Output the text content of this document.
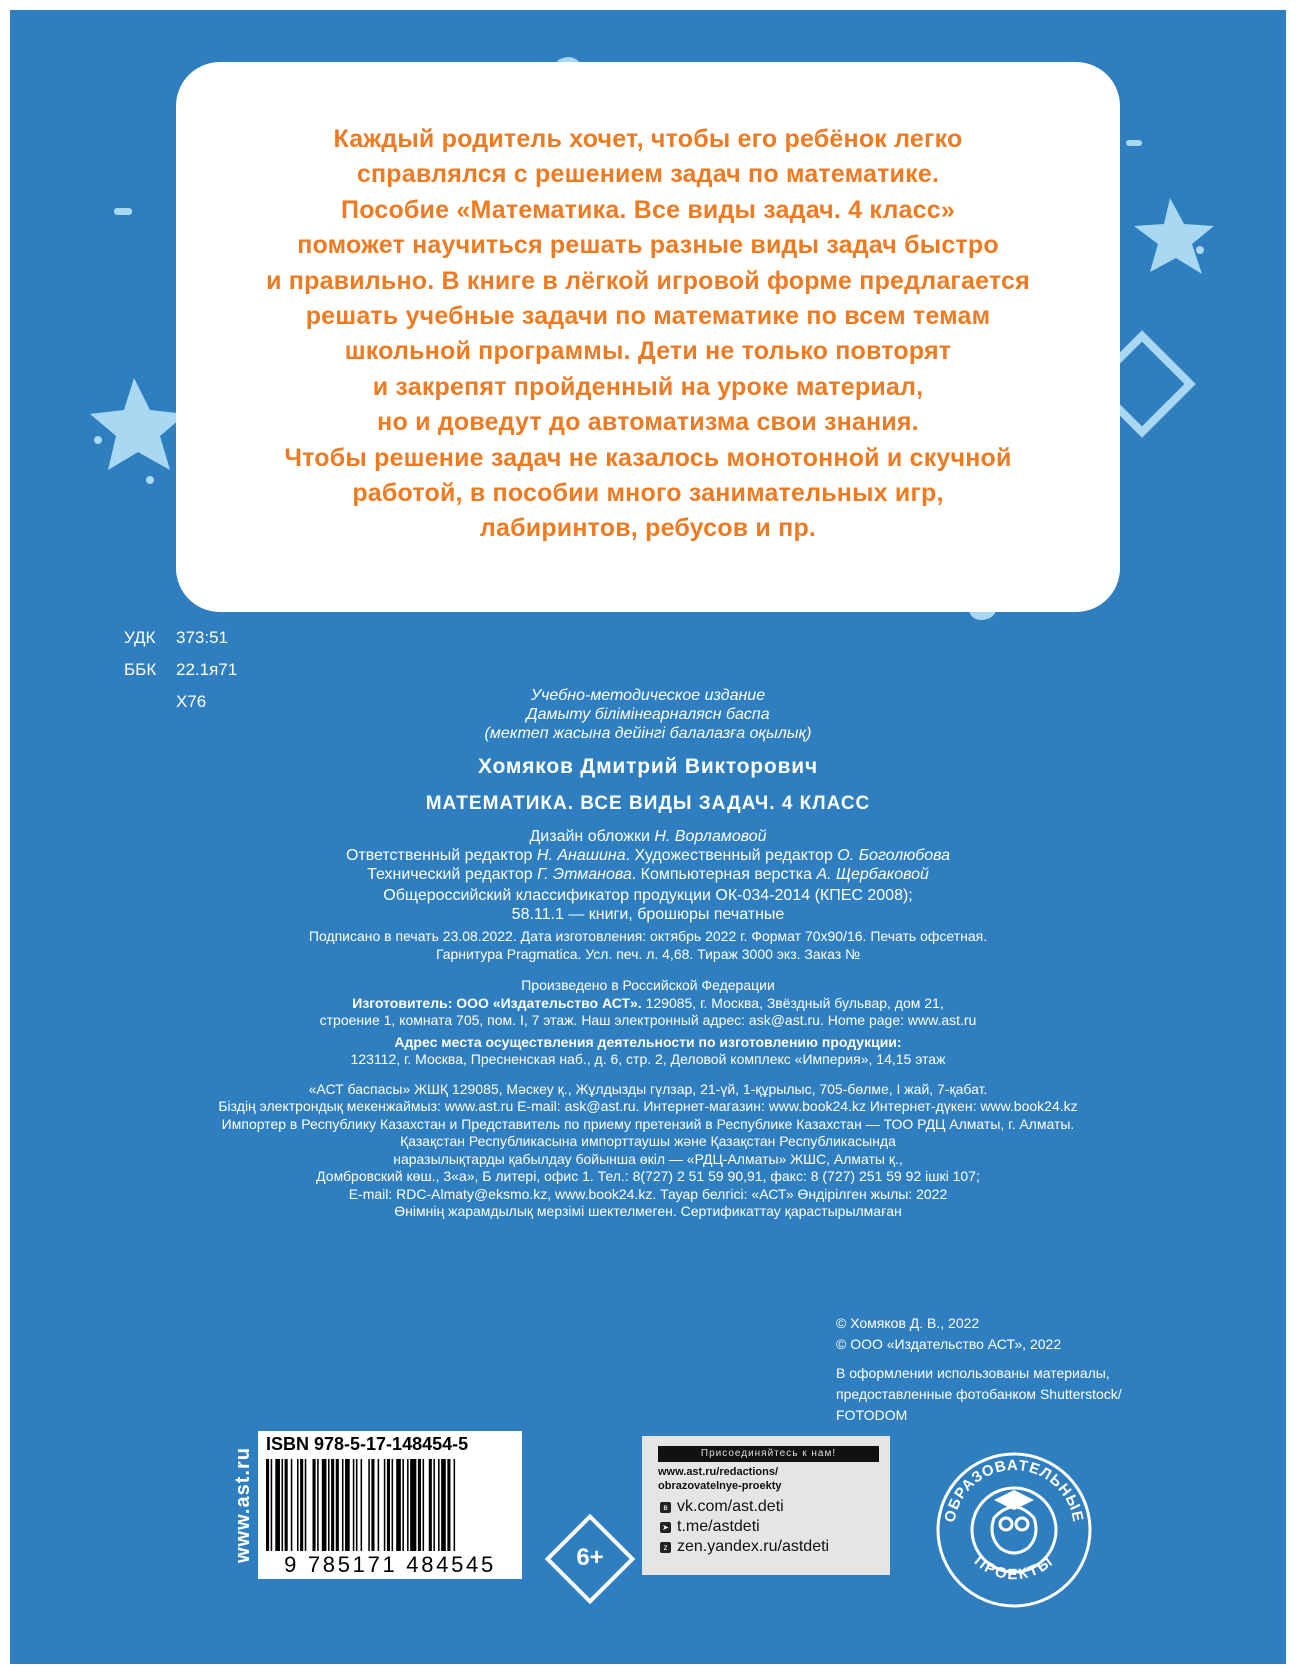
ОБРАЗОВАТЕЛЬНЫЕ
ПРОЕКТЫ
Каждый родитель хочет, чтобы его ребёнок легко
справлялся с решением задач по математике.
Пособие «Математика. Все виды задач. 4 класс»
поможет научиться решать разные виды задач быстро
и правильно. В книге в лёгкой игровой форме предлагается
решать учебные задачи по математике по всем темам
школьной программы. Дети не только повторят
и закрепят пройденный на уроке материал,
но и доведут до автоматизма свои знания.
Чтобы решение задач не казалось монотонной и скучной
работой, в пособии много занимательных игр,
лабиринтов, ребусов и пр.
УДК 373:51
ББК 22.1я71
Х76	Учебно-методическое издание
Дамыту білімінеарналяcн баспа
(мектеп жасына дейінгі балалазға оқылық)
Хомяков Дмитрий Викторович
МАТЕМАТИКА. ВСЕ ВИДЫ ЗАДАЧ. 4 КЛАСС
Дизайн обложки Н. Ворламовой
Ответственный редактор Н. Анашина. Художественный редактор О. Боголюбова
Технический редактор Г. Этманова. Компьютерная верстка А. Щербаковой
Общероссийский классификатор продукции ОК-034-2014 (КПЕС 2008);
58.11.1 — книги, брошюры печатные
Подписано в печать 23.08.2022. Дата изготовления: октябрь 2022 г. Формат 70x90/16. Печать офсетная.
Гарнитура Pragmatica. Усл. печ. л. 4,68. Тираж 3000 экз. Заказ №
Произведено в Российской Федерации
Изготовитель: ООО «Издательство АСТ». 129085, г. Москва, Звёздный бульвар, дом 21,
строение 1, комната 705, пом. I, 7 этаж. Наш электронный адрес: ask@ast.ru. Home page: www.ast.ru
Адрес места осуществления деятельности по изготовлению продукции:
123112, г. Москва, Пресненская наб., д. 6, стр. 2, Деловой комплекс «Империя», 14,15 этаж
«АСТ баспасы» ЖШҚ 129085, Мәскеу қ., Жұлдызды гүлзар, 21-үй, 1-құрылыс, 705-бөлме, I жай, 7-қабат.
Біздің электрондық мекенжаймыз: www.ast.ru E-mail: ask@ast.ru. Интернет-магазин: www.book24.kz Интернет-дүкен: www.book24.kz
Импортер в Республику Казахстан и Представитель по приему претензий в Республике Казахстан — ТОО РДЦ Алматы, г. Алматы.
Қазақстан Республикасына импорттаушы және Қазақстан Республикасында
наразылықтарды қабылдау бойынша өкіл — «РДЦ-Алматы» ЖШС, Алматы қ.,
Домбровский көш., 3«а», Б литері, офис 1. Тел.: 8(727) 2 51 59 90,91, факс: 8 (727) 251 59 92 ішкі 107;
E-mail: RDC-Almaty@eksmo.kz, www.book24.kz. Тауар белгісі: «АСТ» Өндірілген жылы: 2022
Өнімнің жарамдылық мерзімі шектелмеген. Сертификаттау қарастырылмаған
© Хомяков Д. В., 2022
© ООО «Издательство АСТ», 2022
В оформлении использованы материалы,
предоставленные фотобанком Shutterstock/
FOTODOM
ISBN 978-5-17-148454-5
9 785171 484545
www.ast.ru	6+
Присоединяйтесь к нам!
www.ast.ru/redactions/
obrazovatelnye-proekty
в vk.com/ast.deti
➤ t.me/astdeti
z zen.yandex.ru/astdeti
